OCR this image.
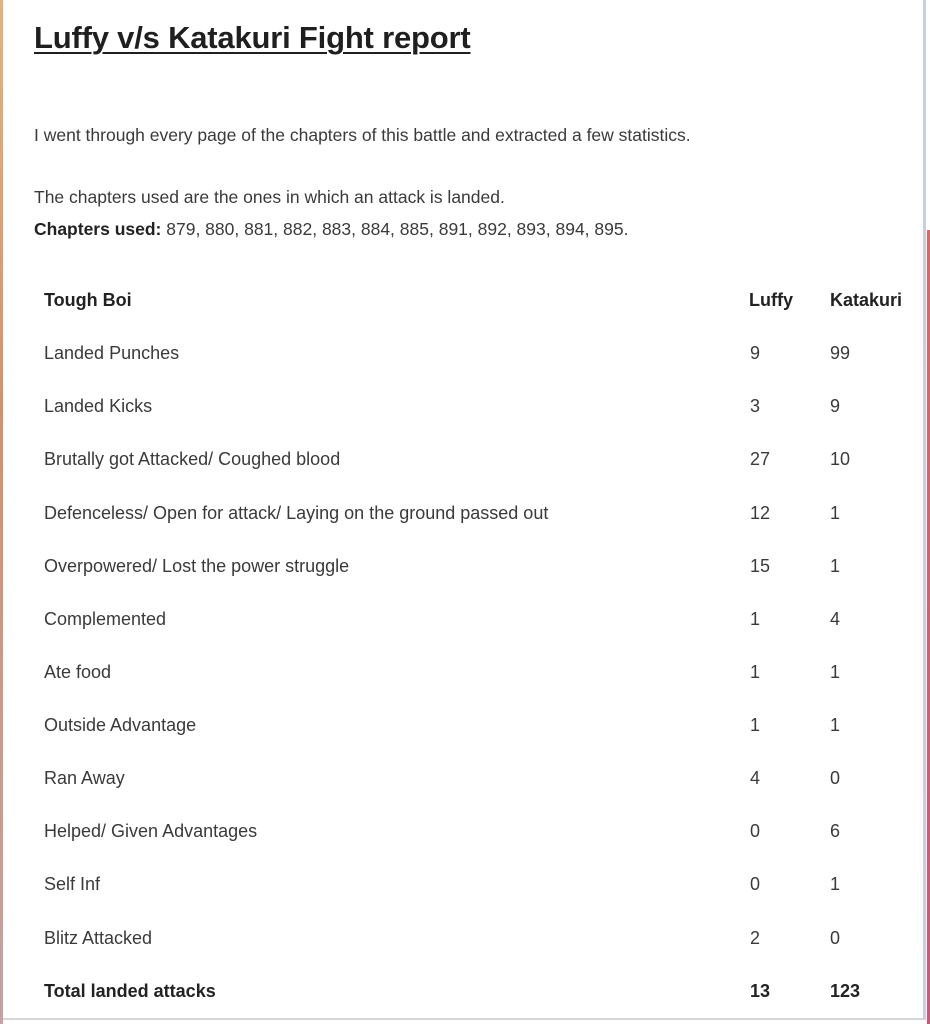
Luffy v/s Katakuri Fight report

I went through every page of the chapters of this battle and extracted a few statistics.

The chapters used are the ones in which an attack is landed.

Chapters used: 879, 880, 881, 882, 883, 884, 885, 891, 892, 893, 894, 895.

Tough Boi	Luffy Katakuri
Landed Punches	9	99
Landed Kicks	3	9
Brutally got Attacked/ Coughed blood	27	10
Defenceless/ Open for attack/ Laying on the ground passed out	12	1
Overpowered/ Lost the power struggle	15	1
Complemented	1	4
Ate food	1	1
Outside Advantage	1	1
Ran Away	4	0
Helped/ Given Advantages	0	6
Self Inf	0	1
Blitz Attacked	2	0
Total landed attacks	13	123
